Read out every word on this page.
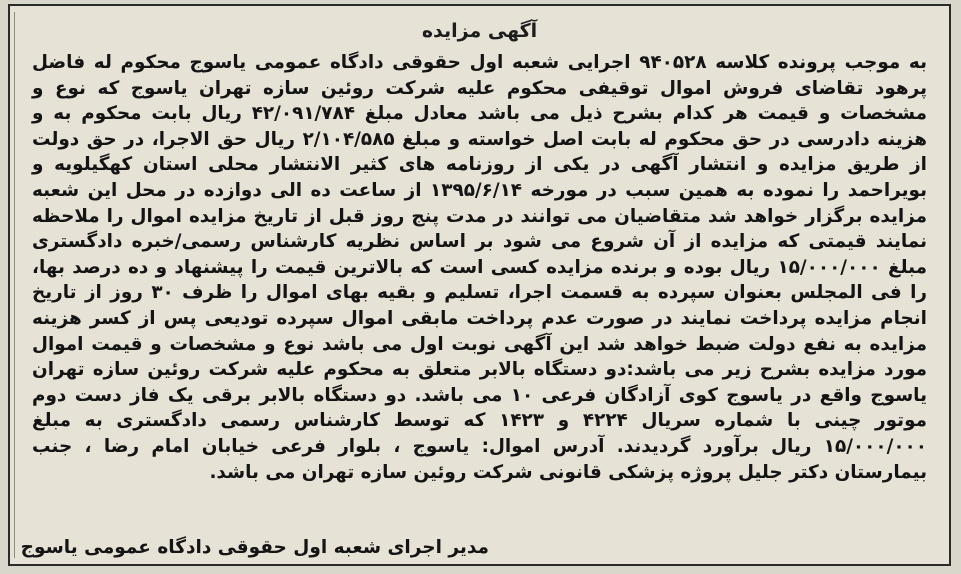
آگهی مزایده

به موجب پرونده کلاسه ۹۴۰۵۲۸ اجرایی شعبه اول حقوقی دادگاه عمومی یاسوج محکوم له فاضل پرهود تقاضای فروش اموال توقیفی محکوم علیه شرکت روئین سازه تهران یاسوج که نوع و مشخصات و قیمت هر کدام بشرح ذیل می باشد معادل مبلغ ۴۲/۰۹۱/۷۸۴ ریال بابت محکوم به و هزینه دادرسی در حق محکوم له بابت اصل خواسته و مبلغ ۲/۱۰۴/۵۸۵ ریال حق الاجرا، در حق دولت از طریق مزایده و انتشار آگهی در یکی از روزنامه های کثیر الانتشار محلی استان کهگیلویه و بویراحمد را نموده به همین سبب در مورخه ۱۳۹۵/۶/۱۴ از ساعت ده الی دوازده در محل این شعبه مزایده برگزار خواهد شد متقاضیان می توانند در مدت پنج روز قبل از تاریخ مزایده اموال را ملاحظه نمایند قیمتی که مزایده از آن شروع می شود بر اساس نظریه کارشناس رسمی/خبره دادگستری مبلغ ۱۵/۰۰۰/۰۰۰ ریال بوده و برنده مزایده کسی است که بالاترین قیمت را پیشنهاد و ده درصد بها، را فی المجلس بعنوان سپرده به قسمت اجرا، تسلیم و بقیه بهای اموال را ظرف ۳۰ روز از تاریخ انجام مزایده پرداخت نمایند در صورت عدم پرداخت مابقی اموال سپرده تودیعی پس از کسر هزینه مزایده به نفع دولت ضبط خواهد شد این آگهی نوبت اول می باشد نوع و مشخصات و قیمت اموال مورد مزایده بشرح زیر می باشد:دو دستگاه بالابر متعلق به محکوم علیه شرکت روئین سازه تهران یاسوج واقع در یاسوج کوی آزادگان فرعی ۱۰ می باشد. دو دستگاه بالابر برقی یک فاز دست دوم موتور چینی با شماره سریال ۴۲۲۴ و ۱۴۲۳ که توسط کارشناس رسمی دادگستری به مبلغ ۱۵/۰۰۰/۰۰۰ ریال برآورد گردیدند. آدرس اموال: یاسوج ، بلوار فرعی خیابان امام رضا ، جنب بیمارستان دکتر جلیل پروژه پزشکی قانونی شرکت روئین سازه تهران می باشد.

مدیر اجرای شعبه اول حقوقی دادگاه عمومی یاسوج
